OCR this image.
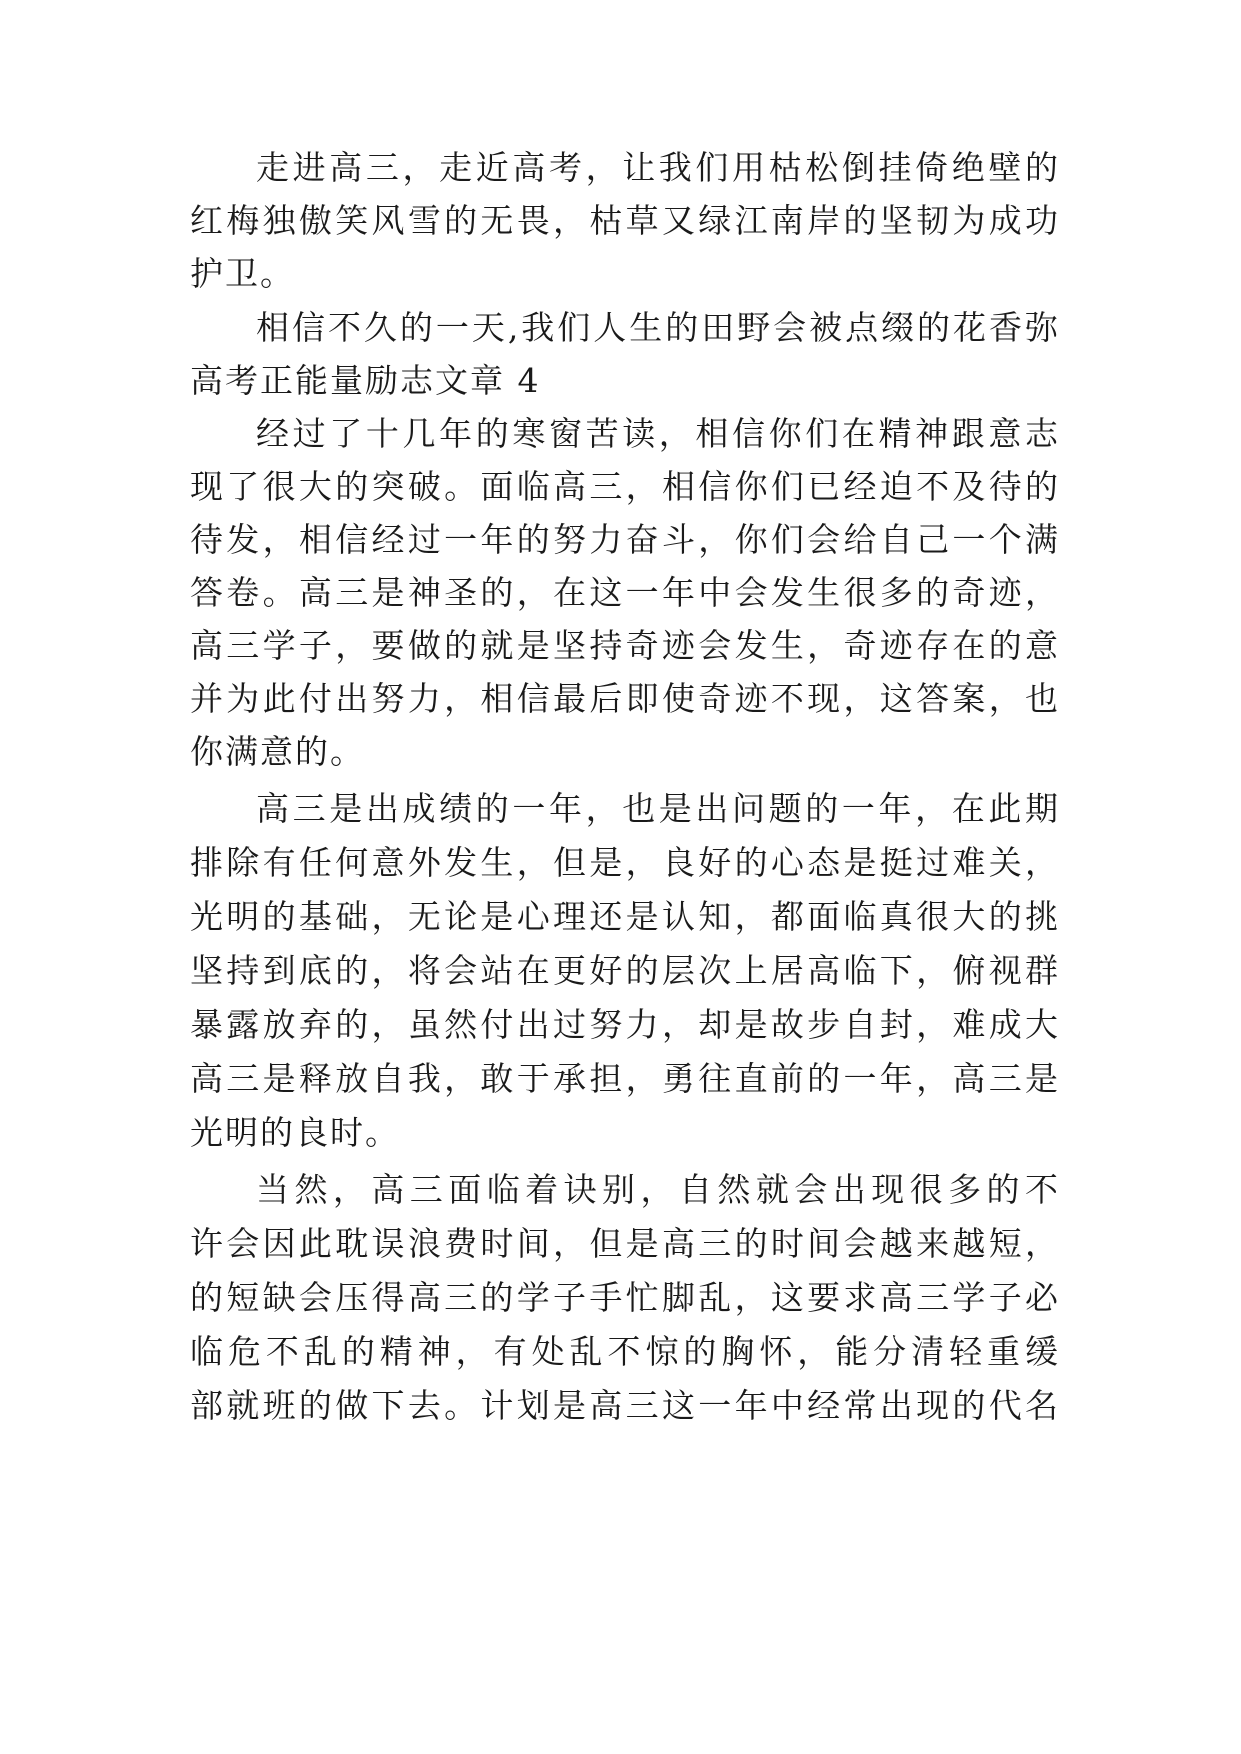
走进高三，走近高考，让我们用枯松倒挂倚绝壁的

红梅独傲笑风雪的无畏，枯草又绿江南岸的坚韧为成功

护卫。

相信不久的一天,我们人生的田野会被点缀的花香弥

高考正能量励志文章 4

经过了十几年的寒窗苦读，相信你们在精神跟意志

现了很大的突破。面临高三，相信你们已经迫不及待的

待发，相信经过一年的努力奋斗，你们会给自己一个满

答卷。高三是神圣的，在这一年中会发生很多的奇迹，

高三学子，要做的就是坚持奇迹会发生，奇迹存在的意

并为此付出努力，相信最后即使奇迹不现，这答案，也

你满意的。

高三是出成绩的一年，也是出问题的一年，在此期

排除有任何意外发生，但是，良好的心态是挺过难关，

光明的基础，无论是心理还是认知，都面临真很大的挑

坚持到底的，将会站在更好的层次上居高临下，俯视群

暴露放弃的，虽然付出过努力，却是故步自封，难成大

高三是释放自我，敢于承担，勇往直前的一年，高三是

光明的良时。

当然，高三面临着诀别，自然就会出现很多的不

许会因此耽误浪费时间，但是高三的时间会越来越短，

的短缺会压得高三的学子手忙脚乱，这要求高三学子必

临危不乱的精神，有处乱不惊的胸怀，能分清轻重缓

部就班的做下去。计划是高三这一年中经常出现的代名
